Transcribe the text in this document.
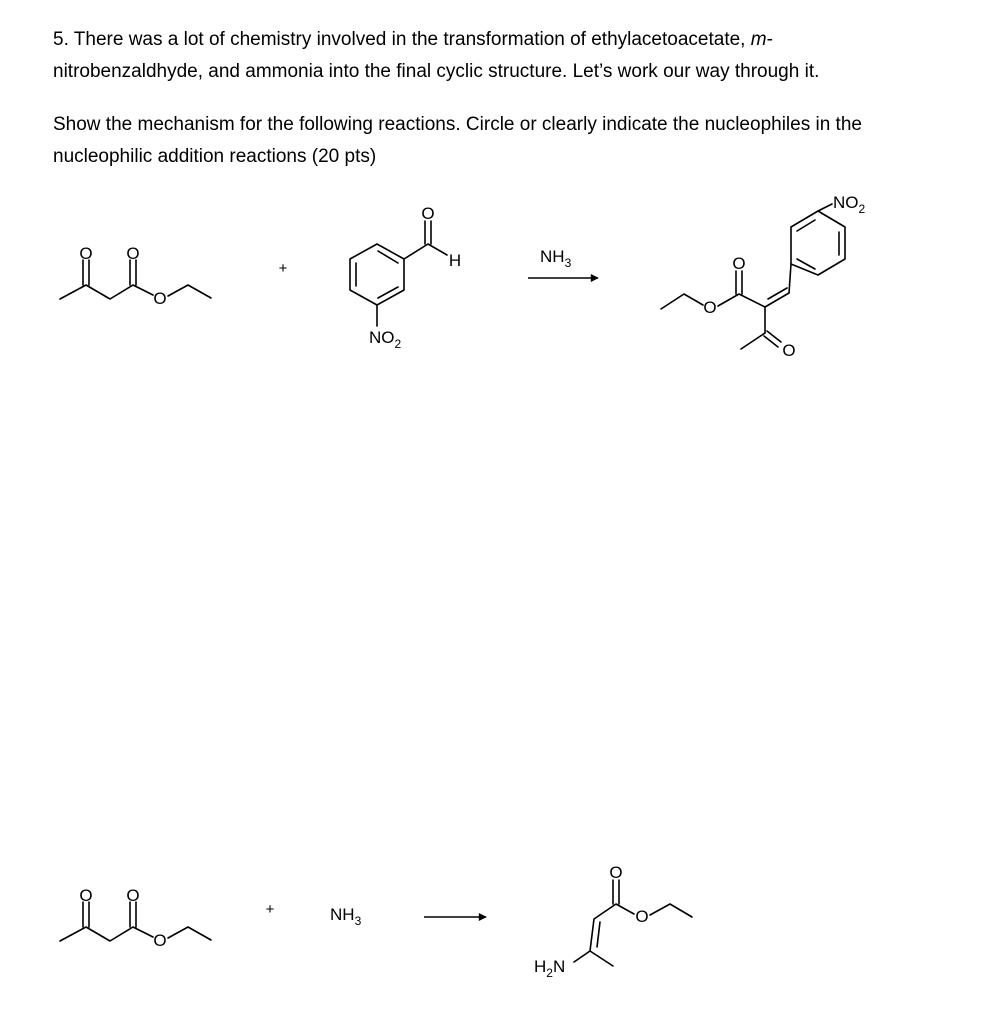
5. There was a lot of chemistry involved in the transformation of ethylacetoacetate, m-

nitrobenzaldhyde, and ammonia into the final cyclic structure. Let’s work our way through it.

Show the mechanism for the following reactions. Circle or clearly indicate the nucleophiles in the

nucleophilic addition reactions (20 pts)

O O
O
+
O
H
$NO_2$
$NH_3$	O
O
$NO_2$
O
O O
O
+	$NH_3$
O
O
$H_2N$
